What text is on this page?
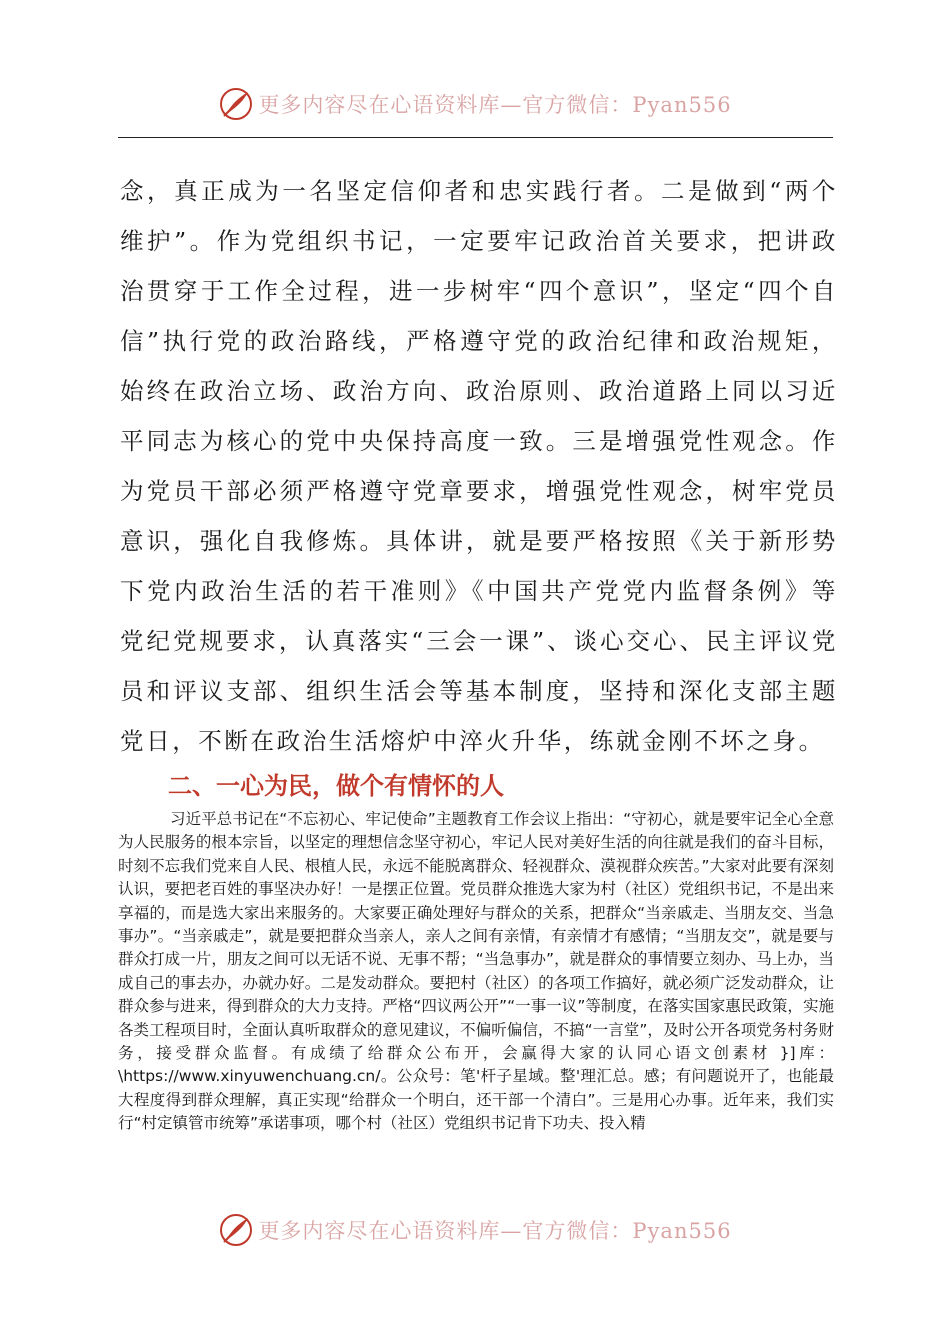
更多内容尽在心语资料库—官方微信：Pyan556

念，真正成为一名坚定信仰者和忠实践行者。二是做到“两个维护”。作为党组织书记，一定要牢记政治首关要求，把讲政治贯穿于工作全过程，进一步树牢“四个意识”，坚定“四个自信”执行党的政治路线，严格遵守党的政治纪律和政治规矩，始终在政治立场、政治方向、政治原则、政治道路上同以习近平同志为核心的党中央保持高度一致。三是增强党性观念。作为党员干部必须严格遵守党章要求，增强党性观念，树牢党员意识，强化自我修炼。具体讲，就是要严格按照《关于新形势下党内政治生活的若干准则》《中国共产党党内监督条例》等党纪党规要求，认真落实“三会一课”、谈心交心、民主评议党员和评议支部、组织生活会等基本制度，坚持和深化支部主题党日，不断在政治生活熔炉中淬火升华，练就金刚不坏之身。

二、一心为民，做个有情怀的人

习近平总书记在“不忘初心、牢记使命”主题教育工作会议上指出：“守初心，就是要牢记全心全意为人民服务的根本宗旨，以坚定的理想信念坚守初心，牢记人民对美好生活的向往就是我们的奋斗目标，时刻不忘我们党来自人民、根植人民，永远不能脱离群众、轻视群众、漠视群众疾苦。”大家对此要有深刻认识，要把老百姓的事坚决办好！一是摆正位置。党员群众推选大家为村（社区）党组织书记，不是出来享福的，而是选大家出来服务的。大家要正确处理好与群众的关系，把群众“当亲戚走、当朋友交、当急事办”。“当亲戚走”，就是要把群众当亲人，亲人之间有亲情，有亲情才有感情；“当朋友交”，就是要与群众打成一片，朋友之间可以无话不说、无事不帮；“当急事办”，就是群众的事情要立刻办、马上办，当成自己的事去办，办就办好。二是发动群众。要把村（社区）的各项工作搞好，就必须广泛发动群众，让群众参与进来，得到群众的大力支持。严格“四议两公开”“一事一议”等制度，在落实国家惠民政策，实施各类工程项目时，全面认真听取群众的意见建议，不偏听偏信，不搞“一言堂”，及时公开各项党务村务财务，接受群众监督。有成绩了给群众公布开，会赢得大家的认同心语文创素材 }]库：\https://www.xinyuwenchuang.cn/。公众号：笔'杆子星域。整'理汇总。感；有问题说开了，也能最大程度得到群众理解，真正实现“给群众一个明白，还干部一个清白”。三是用心办事。近年来，我们实行“村定镇管市统筹”承诺事项，哪个村（社区）党组织书记肯下功夫、投入精

更多内容尽在心语资料库—官方微信：Pyan556
